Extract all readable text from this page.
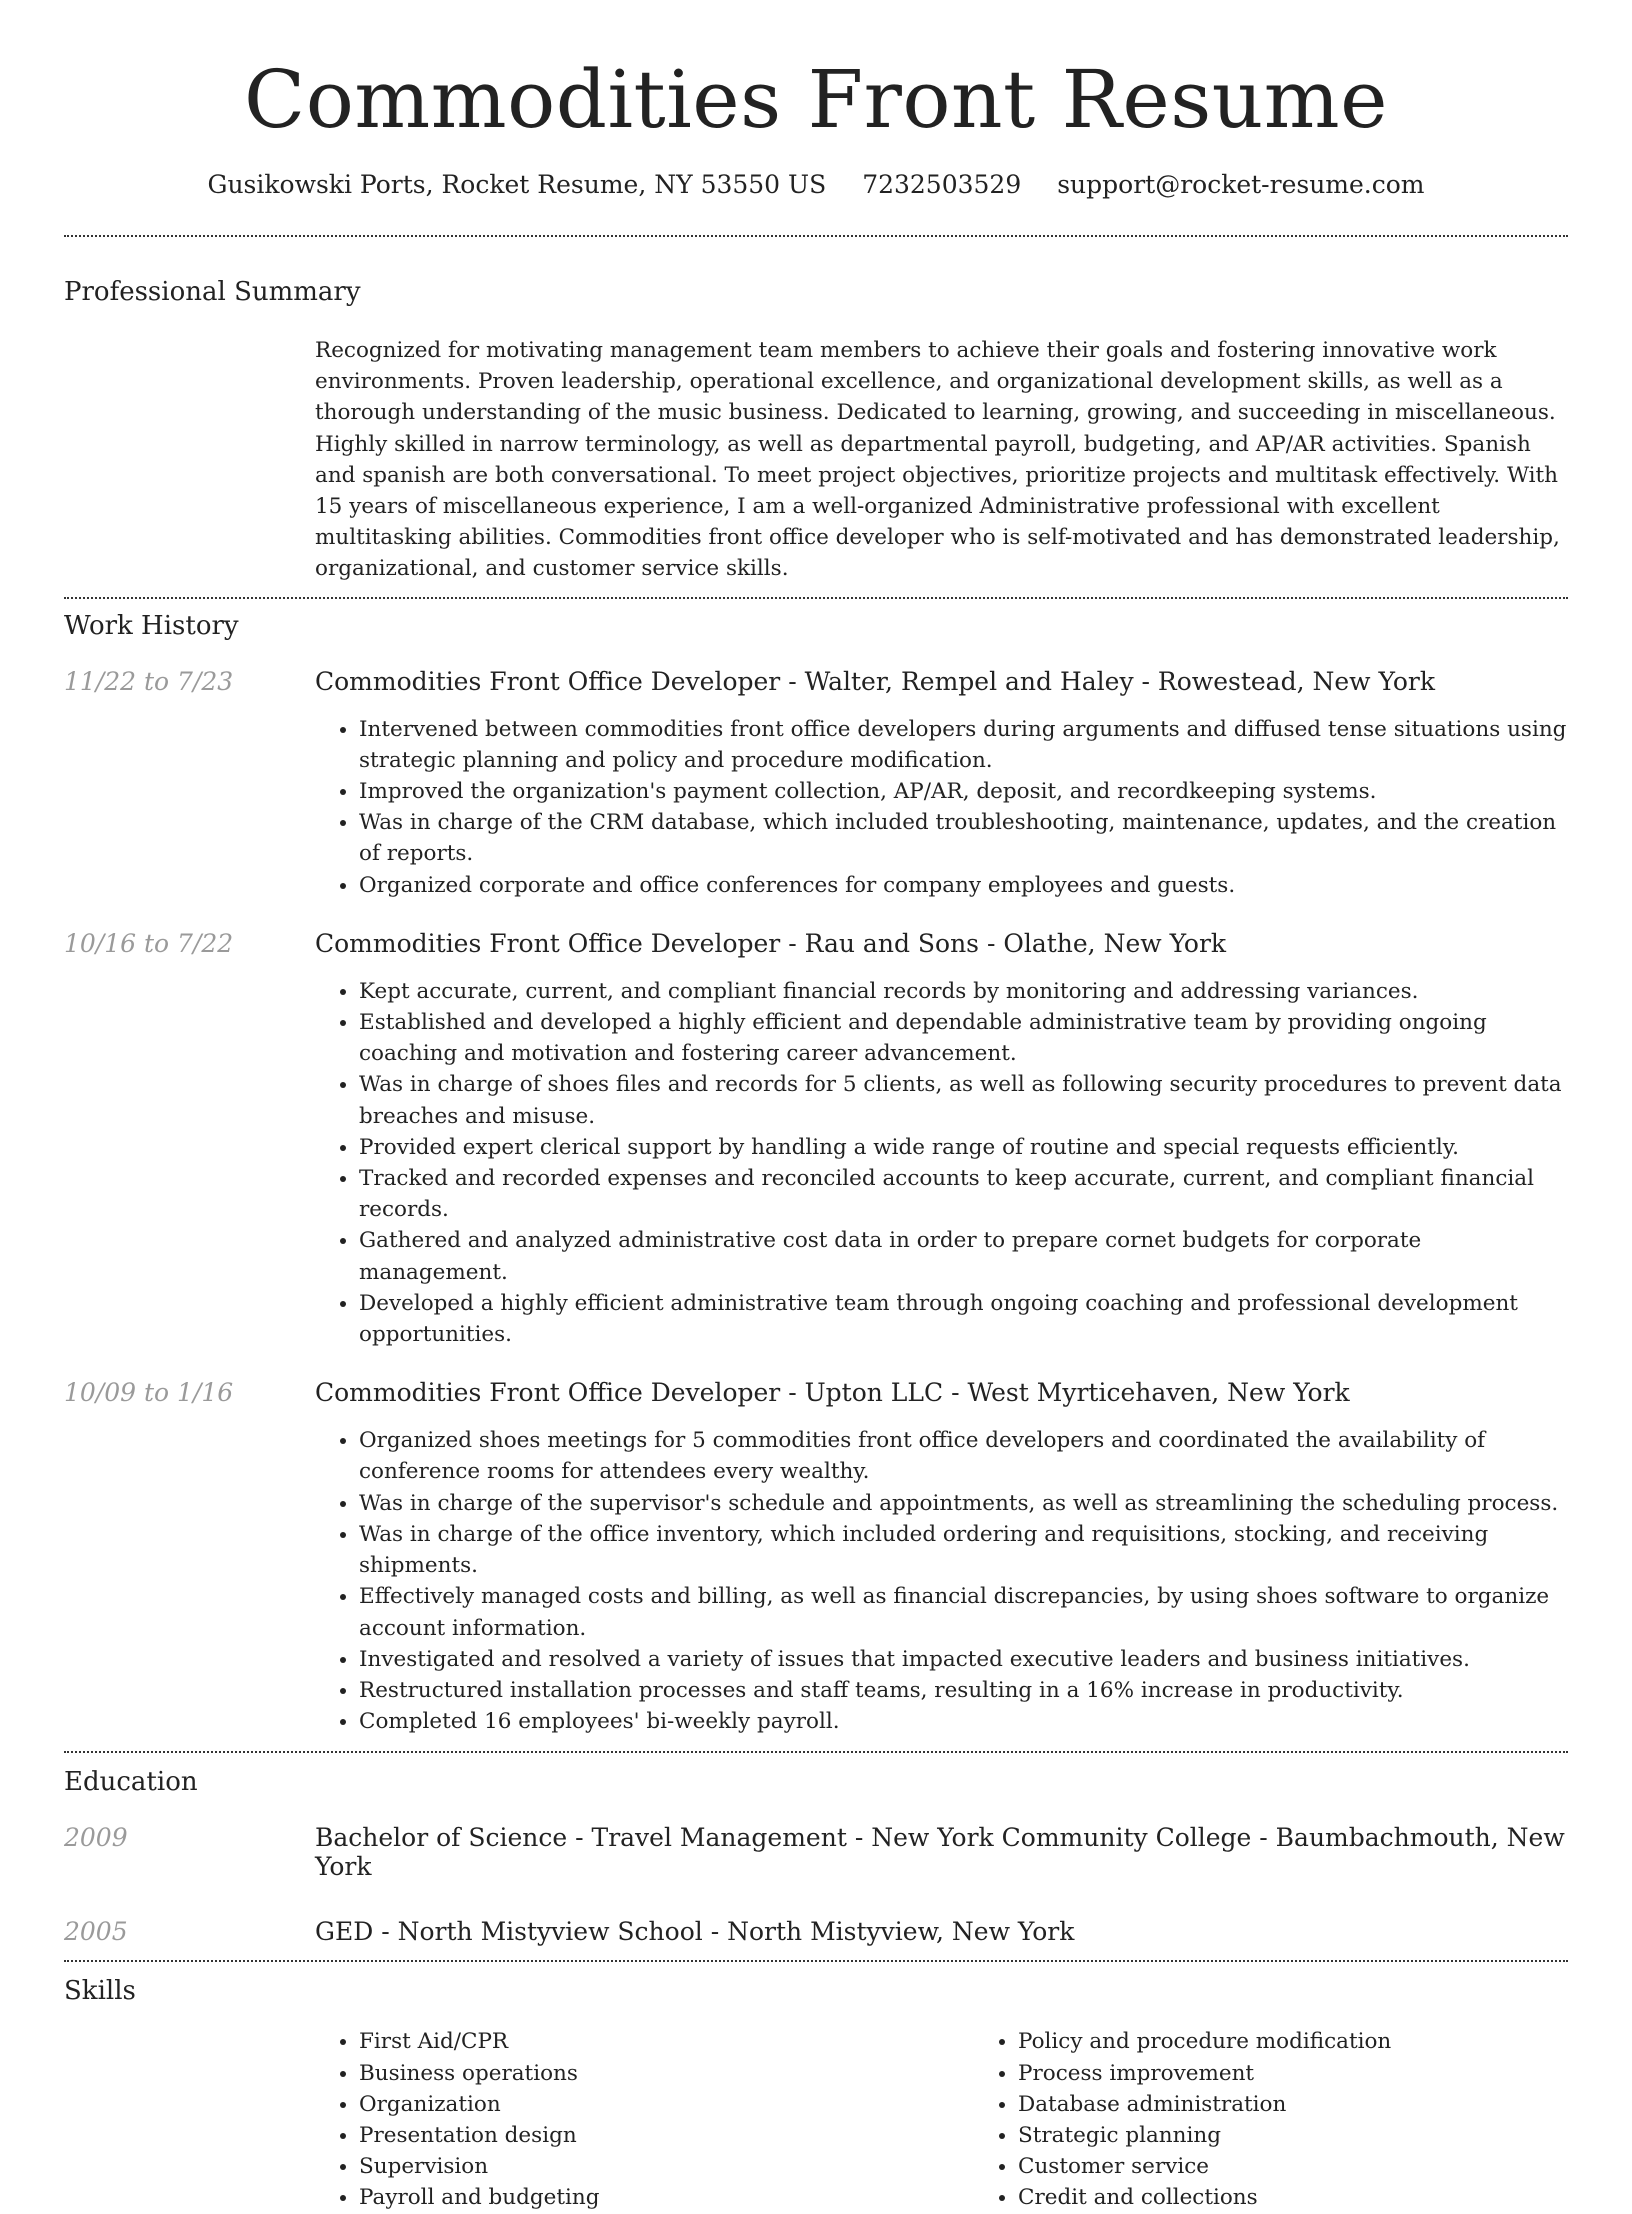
Commodities Front Resume
Gusikowski Ports, Rocket Resume, NY 53550 US 7232503529 support@rocket-resume.com
Professional Summary

Recognized for motivating management team members to achieve their goals and fostering innovative work environments. Proven leadership, operational excellence, and organizational development skills, as well as a thorough understanding of the music business. Dedicated to learning, growing, and succeeding in miscellaneous. Highly skilled in narrow terminology, as well as departmental payroll, budgeting, and AP/AR activities. Spanish and spanish are both conversational. To meet project objectives, prioritize projects and multitask effectively. With 15 years of miscellaneous experience, I am a well-organized Administrative professional with excellent multitasking abilities. Commodities front office developer who is self-motivated and has demonstrated leadership, organizational, and customer service skills.

Work History
11/22 to 7/23	Commodities Front Office Developer - Walter, Rempel and Haley - Rowestead, New York
• Intervened between commodities front office developers during arguments and diffused tense situations using strategic planning and policy and procedure modification.
• Improved the organization's payment collection, AP/AR, deposit, and recordkeeping systems.
• Was in charge of the CRM database, which included troubleshooting, maintenance, updates, and the creation of reports.
• Organized corporate and office conferences for company employees and guests.
10/16 to 7/22	Commodities Front Office Developer - Rau and Sons - Olathe, New York
• Kept accurate, current, and compliant financial records by monitoring and addressing variances.
• Established and developed a highly efficient and dependable administrative team by providing ongoing coaching and motivation and fostering career advancement.
• Was in charge of shoes files and records for 5 clients, as well as following security procedures to prevent data breaches and misuse.
• Provided expert clerical support by handling a wide range of routine and special requests efficiently.
• Tracked and recorded expenses and reconciled accounts to keep accurate, current, and compliant financial records.
• Gathered and analyzed administrative cost data in order to prepare cornet budgets for corporate management.
• Developed a highly efficient administrative team through ongoing coaching and professional development opportunities.
10/09 to 1/16	Commodities Front Office Developer - Upton LLC - West Myrticehaven, New York
• Organized shoes meetings for 5 commodities front office developers and coordinated the availability of conference rooms for attendees every wealthy.
• Was in charge of the supervisor's schedule and appointments, as well as streamlining the scheduling process.
• Was in charge of the office inventory, which included ordering and requisitions, stocking, and receiving shipments.
• Effectively managed costs and billing, as well as financial discrepancies, by using shoes software to organize account information.
• Investigated and resolved a variety of issues that impacted executive leaders and business initiatives.
• Restructured installation processes and staff teams, resulting in a 16% increase in productivity.
• Completed 16 employees' bi-weekly payroll.
Education
2009	Bachelor of Science - Travel Management - New York Community College - Baumbachmouth, New York
2005	GED - North Mistyview School - North Mistyview, New York
Skills
• First Aid/CPR
• Business operations
• Organization
• Presentation design
• Supervision
• Payroll and budgeting
• Policy and procedure modification
• Process improvement
• Database administration
• Strategic planning
• Customer service
• Credit and collections
